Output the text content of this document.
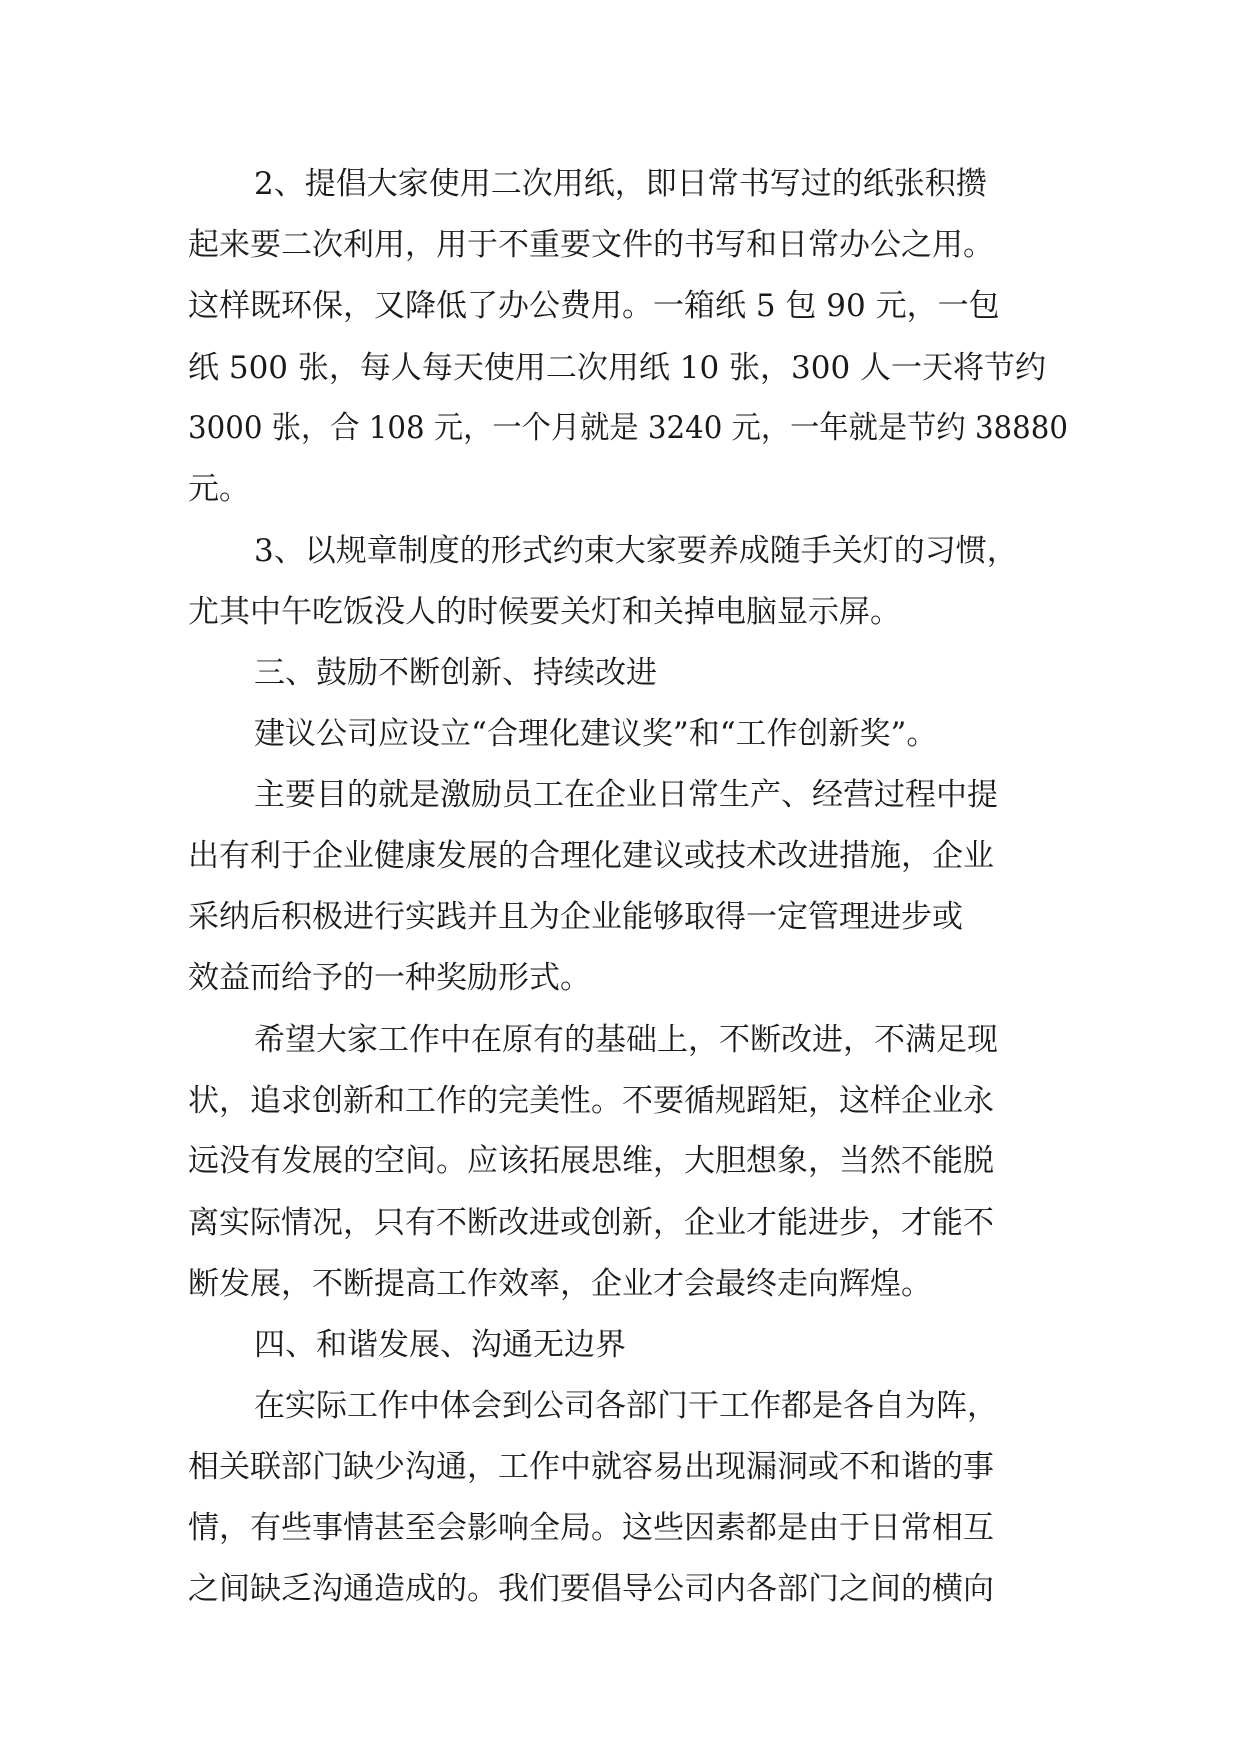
2、提倡大家使用二次用纸，即日常书写过的纸张积攒
起来要二次利用，用于不重要文件的书写和日常办公之用。
这样既环保，又降低了办公费用。一箱纸 5 包 90 元，一包
纸 500 张，每人每天使用二次用纸 10 张，300 人一天将节约
3000 张，合 108 元，一个月就是 3240 元，一年就是节约 38880
元。
3、以规章制度的形式约束大家要养成随手关灯的习惯，
尤其中午吃饭没人的时候要关灯和关掉电脑显示屏。
三、鼓励不断创新、持续改进
建议公司应设立“合理化建议奖”和“工作创新奖”。
主要目的就是激励员工在企业日常生产、经营过程中提
出有利于企业健康发展的合理化建议或技术改进措施，企业
采纳后积极进行实践并且为企业能够取得一定管理进步或
效益而给予的一种奖励形式。
希望大家工作中在原有的基础上，不断改进，不满足现
状，追求创新和工作的完美性。不要循规蹈矩，这样企业永
远没有发展的空间。应该拓展思维，大胆想象，当然不能脱
离实际情况，只有不断改进或创新，企业才能进步，才能不
断发展，不断提高工作效率，企业才会最终走向辉煌。
四、和谐发展、沟通无边界
在实际工作中体会到公司各部门干工作都是各自为阵，
相关联部门缺少沟通，工作中就容易出现漏洞或不和谐的事
情，有些事情甚至会影响全局。这些因素都是由于日常相互
之间缺乏沟通造成的。我们要倡导公司内各部门之间的横向
